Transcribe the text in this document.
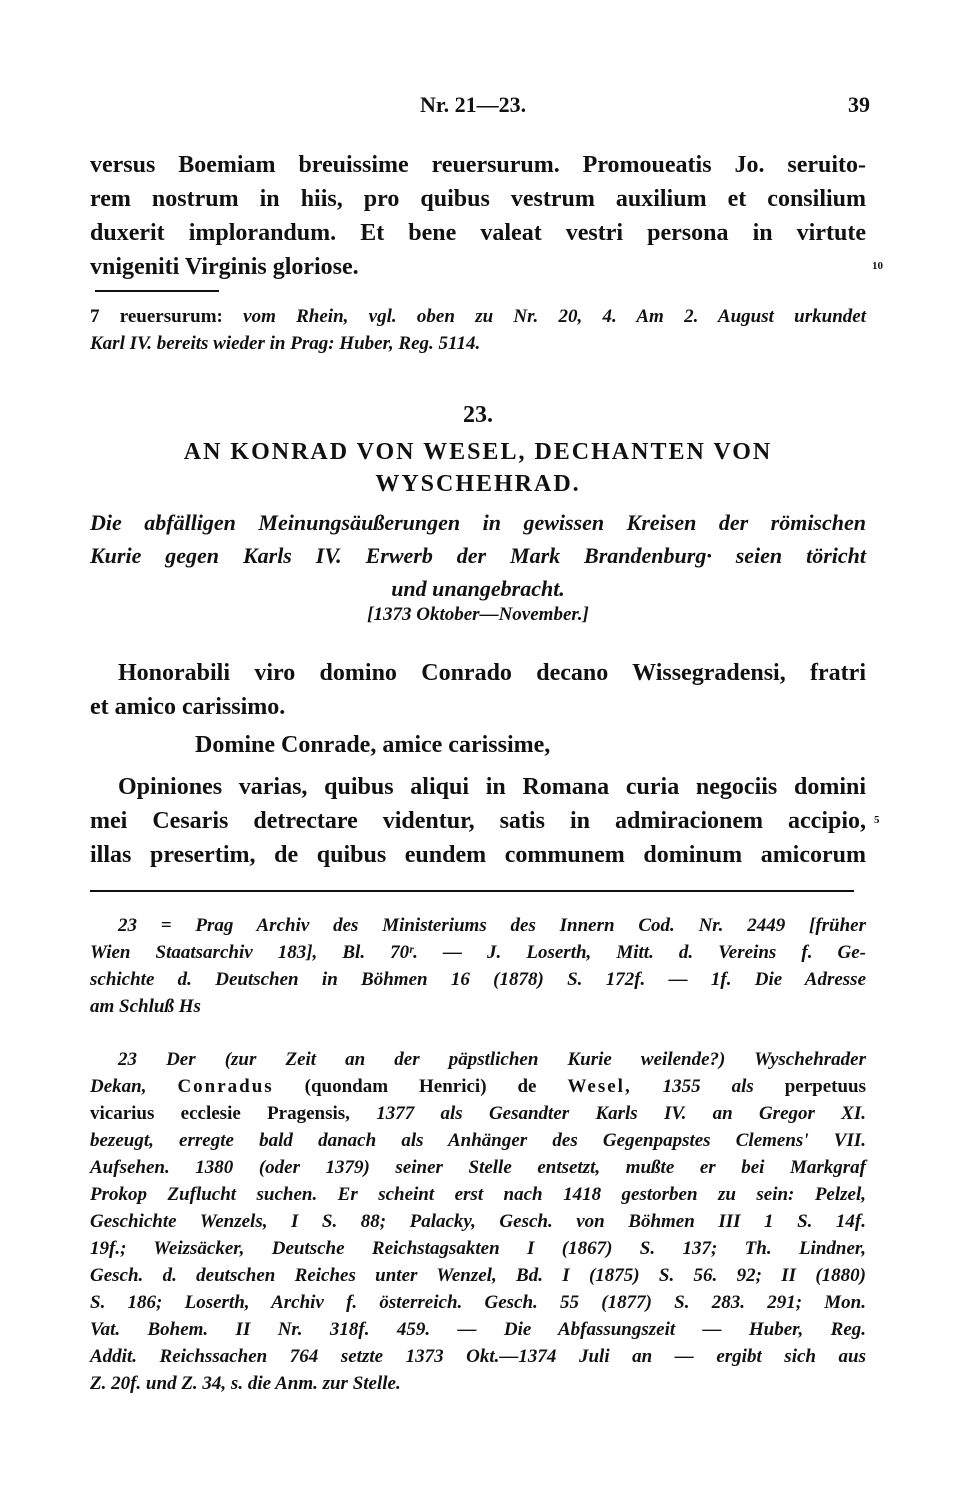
Nr. 21—23.	39
versus Boemiam breuissime reuersurum. Promoueatis Jo. seruito-
rem nostrum in hiis, pro quibus vestrum auxilium et consilium
duxerit implorandum. Et bene valeat vestri persona in virtute
vnigeniti Virginis gloriose.	10
7 reuersurum: vom Rhein, vgl. oben zu Nr. 20, 4. Am 2. August urkundet
Karl IV. bereits wieder in Prag: Huber, Reg. 5114.
23.
AN KONRAD VON WESEL, DECHANTEN VON
WYSCHEHRAD.
Die abfälligen Meinungsäußerungen in gewissen Kreisen der römischen
Kurie gegen Karls IV. Erwerb der Mark Brandenburg· seien töricht
und unangebracht.
[1373 Oktober—November.]
Honorabili viro domino Conrado decano Wissegradensi, fratri
et amico carissimo.
Domine Conrade, amice carissime,
Opiniones varias, quibus aliqui in Romana curia negociis domini
mei Cesaris detrectare videntur, satis in admiracionem accipio,
illas presertim, de quibus eundem communem dominum amicorum
5
23 = Prag Archiv des Ministeriums des Innern Cod. Nr. 2449 [früher
Wien Staatsarchiv 183], Bl. 70ʳ. — J. Loserth, Mitt. d. Vereins f. Ge-
schichte d. Deutschen in Böhmen 16 (1878) S. 172f. — 1f. Die Adresse
am Schluß Hs
23 Der (zur Zeit an der päpstlichen Kurie weilende?) Wyschehrader
Dekan, Conradus (quondam Henrici) de Wesel, 1355 als perpetuus
vicarius ecclesie Pragensis, 1377 als Gesandter Karls IV. an Gregor XI.
bezeugt, erregte bald danach als Anhänger des Gegenpapstes Clemens' VII.
Aufsehen. 1380 (oder 1379) seiner Stelle entsetzt, mußte er bei Markgraf
Prokop Zuflucht suchen. Er scheint erst nach 1418 gestorben zu sein: Pelzel,
Geschichte Wenzels, I S. 88; Palacky, Gesch. von Böhmen III 1 S. 14f.
19f.; Weizsäcker, Deutsche Reichstagsakten I (1867) S. 137; Th. Lindner,
Gesch. d. deutschen Reiches unter Wenzel, Bd. I (1875) S. 56. 92; II (1880)
S. 186; Loserth, Archiv f. österreich. Gesch. 55 (1877) S. 283. 291; Mon.
Vat. Bohem. II Nr. 318f. 459. — Die Abfassungszeit — Huber, Reg.
Addit. Reichssachen 764 setzte 1373 Okt.—1374 Juli an — ergibt sich aus
Z. 20f. und Z. 34, s. die Anm. zur Stelle.
